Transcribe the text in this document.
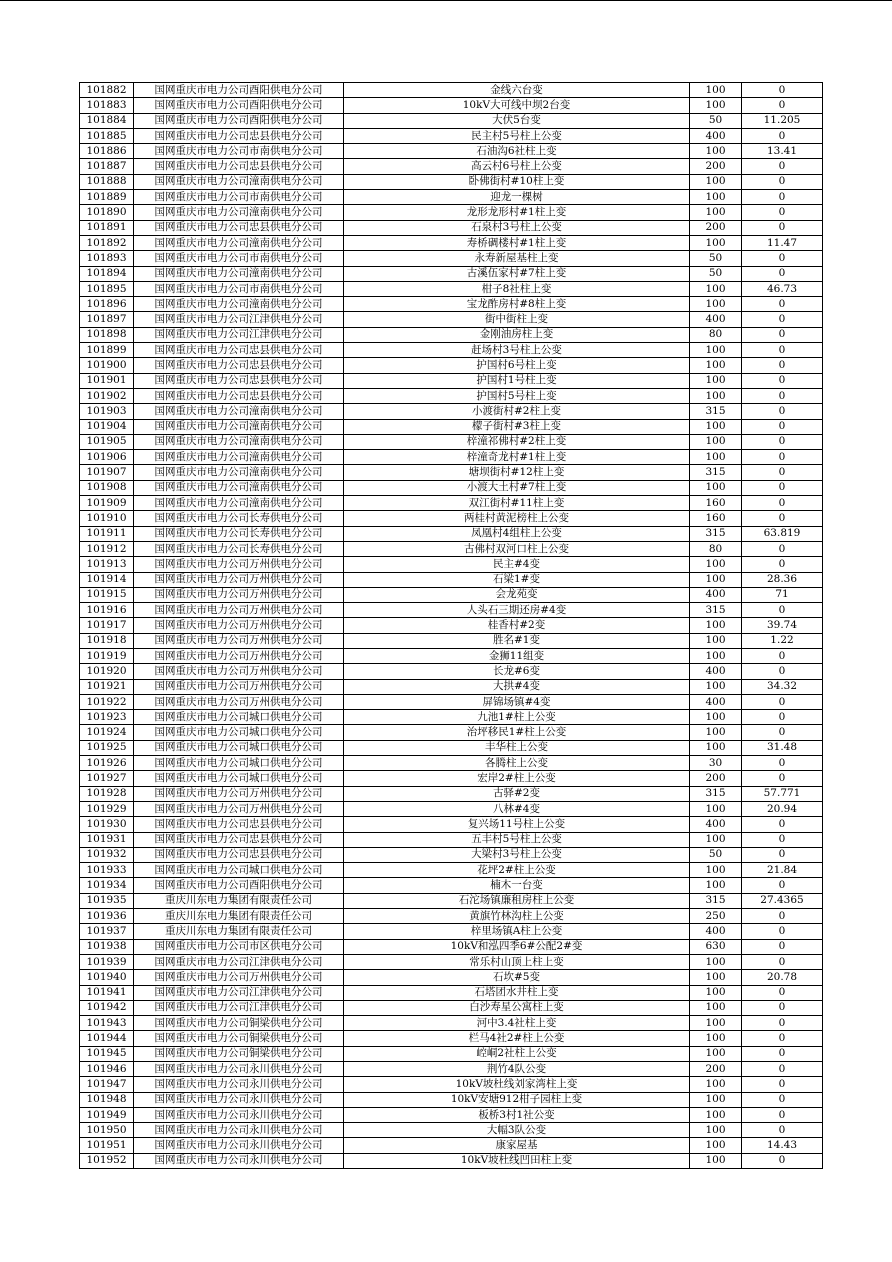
101882	国网重庆市电力公司酉阳供电分公司	金线六台变	100	0
101883	国网重庆市电力公司酉阳供电分公司	10kV大可线中坝2台变	100	0
101884	国网重庆市电力公司酉阳供电分公司	大伏5台变	50	11.205
101885	国网重庆市电力公司忠县供电分公司	民主村5号柱上公变	400	0
101886	国网重庆市电力公司市南供电分公司	石油沟6社柱上变	100	13.41
101887	国网重庆市电力公司忠县供电分公司	高云村6号柱上公变	200	0
101888	国网重庆市电力公司潼南供电分公司	卧佛街村#10柱上变	100	0
101889	国网重庆市电力公司市南供电分公司	迎龙一棵树	100	0
101890	国网重庆市电力公司潼南供电分公司	龙形龙形村#1柱上变	100	0
101891	国网重庆市电力公司忠县供电分公司	石泉村3号柱上公变	200	0
101892	国网重庆市电力公司潼南供电分公司	寿桥碉楼村#1柱上变	100	11.47
101893	国网重庆市电力公司市南供电分公司	永寿新屋基柱上变	50	0
101894	国网重庆市电力公司潼南供电分公司	古溪伍家村#7柱上变	50	0
101895	国网重庆市电力公司市南供电分公司	柑子8社柱上变	100	46.73
101896	国网重庆市电力公司潼南供电分公司	宝龙酢房村#8柱上变	100	0
101897	国网重庆市电力公司江津供电分公司	街中街柱上变	400	0
101898	国网重庆市电力公司江津供电分公司	金刚油房柱上变	80	0
101899	国网重庆市电力公司忠县供电分公司	赶场村3号柱上公变	100	0
101900	国网重庆市电力公司忠县供电分公司	护国村6号柱上变	100	0
101901	国网重庆市电力公司忠县供电分公司	护国村1号柱上变	100	0
101902	国网重庆市电力公司忠县供电分公司	护国村5号柱上变	100	0
101903	国网重庆市电力公司潼南供电分公司	小渡街村#2柱上变	315	0
101904	国网重庆市电力公司潼南供电分公司	檬子街村#3柱上变	100	0
101905	国网重庆市电力公司潼南供电分公司	梓潼祁佛村#2柱上变	100	0
101906	国网重庆市电力公司潼南供电分公司	梓潼奇龙村#1柱上变	100	0
101907	国网重庆市电力公司潼南供电分公司	塘坝街村#12柱上变	315	0
101908	国网重庆市电力公司潼南供电分公司	小渡大土村#7柱上变	100	0
101909	国网重庆市电力公司潼南供电分公司	双江街村#11柱上变	160	0
101910	国网重庆市电力公司长寿供电分公司	两桂村黄泥榜柱上公变	160	0
101911	国网重庆市电力公司长寿供电分公司	凤凰村4组柱上公变	315	63.819
101912	国网重庆市电力公司长寿供电分公司	古佛村双河口柱上公变	80	0
101913	国网重庆市电力公司万州供电分公司	民主#4变	100	0
101914	国网重庆市电力公司万州供电分公司	石梁1#变	100	28.36
101915	国网重庆市电力公司万州供电分公司	会龙苑变	400	71
101916	国网重庆市电力公司万州供电分公司	人头石三期还房#4变	315	0
101917	国网重庆市电力公司万州供电分公司	桂香村#2变	100	39.74
101918	国网重庆市电力公司万州供电分公司	胜名#1变	100	1.22
101919	国网重庆市电力公司万州供电分公司	金狮11组变	100	0
101920	国网重庆市电力公司万州供电分公司	长龙#6变	400	0
101921	国网重庆市电力公司万州供电分公司	大拱#4变	100	34.32
101922	国网重庆市电力公司万州供电分公司	屏锦场镇#4变	400	0
101923	国网重庆市电力公司城口供电分公司	九池1#柱上公变	100	0
101924	国网重庆市电力公司城口供电分公司	治坪移民1#柱上公变	100	0
101925	国网重庆市电力公司城口供电分公司	丰华柱上公变	100	31.48
101926	国网重庆市电力公司城口供电分公司	各腾柱上公变	30	0
101927	国网重庆市电力公司城口供电分公司	宏岸2#柱上公变	200	0
101928	国网重庆市电力公司万州供电分公司	古驿#2变	315	57.771
101929	国网重庆市电力公司万州供电分公司	八林#4变	100	20.94
101930	国网重庆市电力公司忠县供电分公司	复兴场11号柱上公变	400	0
101931	国网重庆市电力公司忠县供电分公司	五丰村5号柱上公变	100	0
101932	国网重庆市电力公司忠县供电分公司	大梁村3号柱上公变	50	0
101933	国网重庆市电力公司城口供电分公司	花坪2#柱上公变	100	21.84
101934	国网重庆市电力公司酉阳供电分公司	楠木一台变	100	0
101935	重庆川东电力集团有限责任公司	石沱场镇廉租房柱上公变	315	27.4365
101936	重庆川东电力集团有限责任公司	黄旗竹林沟柱上公变	250	0
101937	重庆川东电力集团有限责任公司	梓里场镇A柱上公变	400	0
101938	国网重庆市电力公司市区供电分公司	10kV和泓四季6#公配2#变	630	0
101939	国网重庆市电力公司江津供电分公司	常乐村山顶上柱上变	100	0
101940	国网重庆市电力公司万州供电分公司	石坎#5变	100	20.78
101941	国网重庆市电力公司江津供电分公司	石塔团水井柱上变	100	0
101942	国网重庆市电力公司江津供电分公司	白沙寿星公寓柱上变	100	0
101943	国网重庆市电力公司铜梁供电分公司	河中3.4社柱上变	100	0
101944	国网重庆市电力公司铜梁供电分公司	栏马4社2#柱上公变	100	0
101945	国网重庆市电力公司铜梁供电分公司	崆峒2社柱上公变	100	0
101946	国网重庆市电力公司永川供电分公司	荆竹4队公变	200	0
101947	国网重庆市电力公司永川供电分公司	10kV坡杜线刘家湾柱上变	100	0
101948	国网重庆市电力公司永川供电分公司	10kV安塘912柑子园柱上变	100	0
101949	国网重庆市电力公司永川供电分公司	板桥3村1社公变	100	0
101950	国网重庆市电力公司永川供电分公司	大幅3队公变	100	0
101951	国网重庆市电力公司永川供电分公司	康家屋基	100	14.43
101952	国网重庆市电力公司永川供电分公司	10kV坡杜线凹田柱上变	100	0
